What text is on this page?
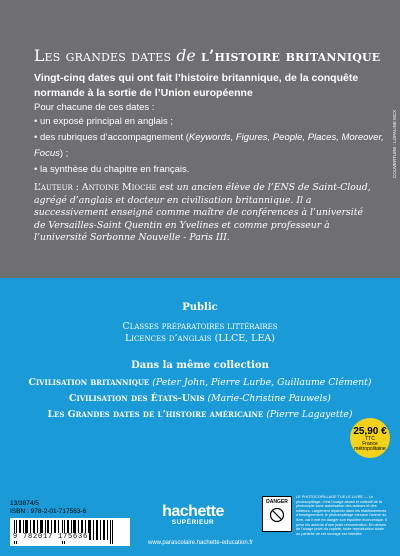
Les grandes dates de l’histoire britannique
Vingt-cinq dates qui ont fait l’histoire britannique, de la conquête normande à la sortie de l’Union européenne
Pour chacune de ces dates :
• un exposé principal en anglais ;
• des rubriques d’accompagnement (Keywords, Figures, People, Places, Moreover, Focus) ;
• la synthèse du chapitre en français.
L’auteur : Antoine Mioche est un ancien élève de l’ENS de Saint-Cloud, agrégé d’anglais et docteur en civilisation britannique. Il a successivement enseigné comme maître de conférences à l’université de Versailles-Saint Quentin en Yvelines et comme professeur à l’université Sorbonne Nouvelle - Paris III.
Public
Classes préparatoires littéraires
Licences d’anglais (LLCE, LEA)
Dans la même collection
Civilisation britannique (Peter John, Pierre Lurbe, Guillaume Clément)
Civilisation des États-Unis (Marie-Christine Pauwels)
Les Grandes dates de l’histoire américaine (Pierre Lagayette)
25,90 €
TTC
France
métropolitaine
13/3874/5
ISBN : 978-2-01-717563-6
9 782017 175636
hachette
SUPÉRIEUR
www.parascolaire.hachette-education.fr
DANGER
LE PHOTOCOPILLAGE TUE LE LIVRE — Le photocopillage, c’est l’usage abusif et collectif de la photocopie sans autorisation des auteurs et des éditeurs. Largement répandu dans les établissements d’enseignement, le photocopillage menace l’avenir du livre, car il met en danger son équilibre économique. Il prive les auteurs d’une juste rémunération. En dehors de l’usage privé du copiste, toute reproduction totale ou partielle de cet ouvrage est interdite.
COUVERTURE : LOPALINE MCX
